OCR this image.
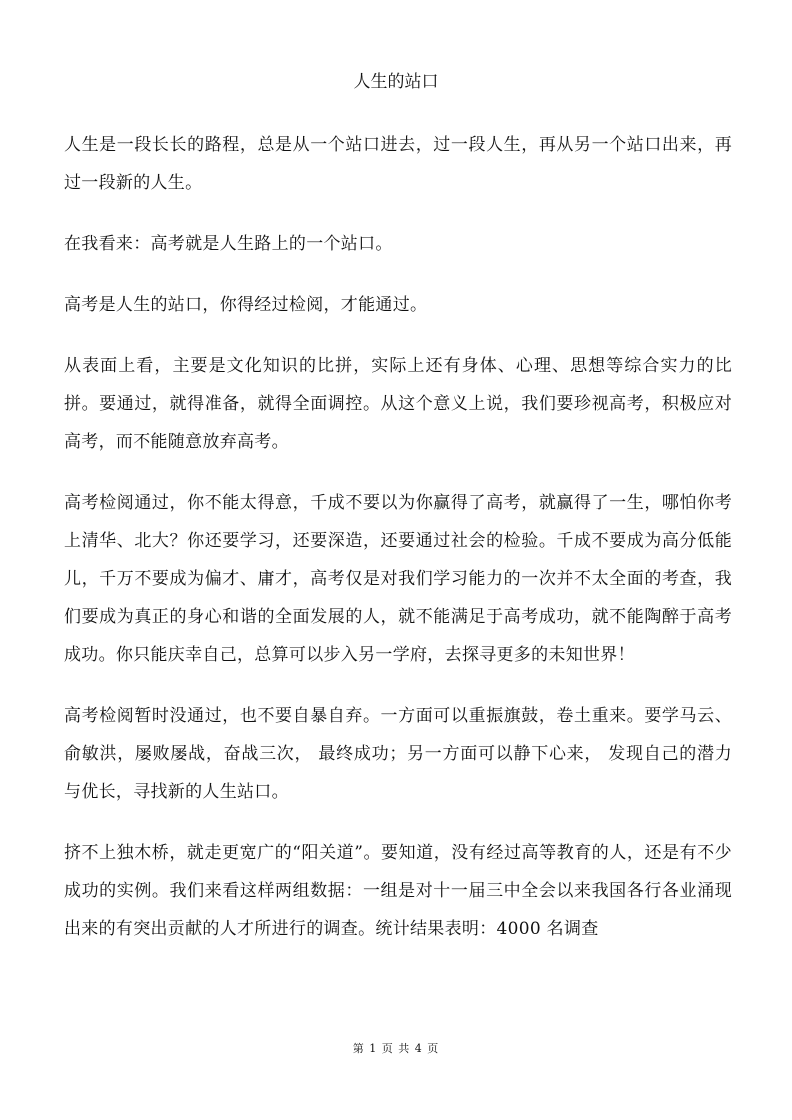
人生的站口

人生是一段长长的路程，总是从一个站口进去，过一段人生，再从另一个站口出来，再过一段新的人生。

在我看来：高考就是人生路上的一个站口。

高考是人生的站口，你得经过检阅，才能通过。

从表面上看，主要是文化知识的比拼，实际上还有身体、心理、思想等综合实力的比拼。要通过，就得准备，就得全面调控。从这个意义上说，我们要珍视高考，积极应对高考，而不能随意放弃高考。

高考检阅通过，你不能太得意，千成不要以为你赢得了高考，就赢得了一生，哪怕你考上清华、北大？你还要学习，还要深造，还要通过社会的检验。千成不要成为高分低能儿，千万不要成为偏才、庸才，高考仅是对我们学习能力的一次并不太全面的考查，我们要成为真正的身心和谐的全面发展的人，就不能满足于高考成功，就不能陶醉于高考成功。你只能庆幸自己，总算可以步入另一学府，去探寻更多的未知世界！

高考检阅暂时没通过，也不要自暴自弃。一方面可以重振旗鼓，卷土重来。要学马云、俞敏洪，屡败屡战，奋战三次， 最终成功；另一方面可以静下心来， 发现自己的潜力与优长，寻找新的人生站口。

挤不上独木桥，就走更宽广的“阳关道”。要知道，没有经过高等教育的人，还是有不少成功的实例。我们来看这样两组数据：一组是对十一届三中全会以来我国各行各业涌现出来的有突出贡献的人才所进行的调查。统计结果表明：4000 名调查

第 1 页 共 4 页
